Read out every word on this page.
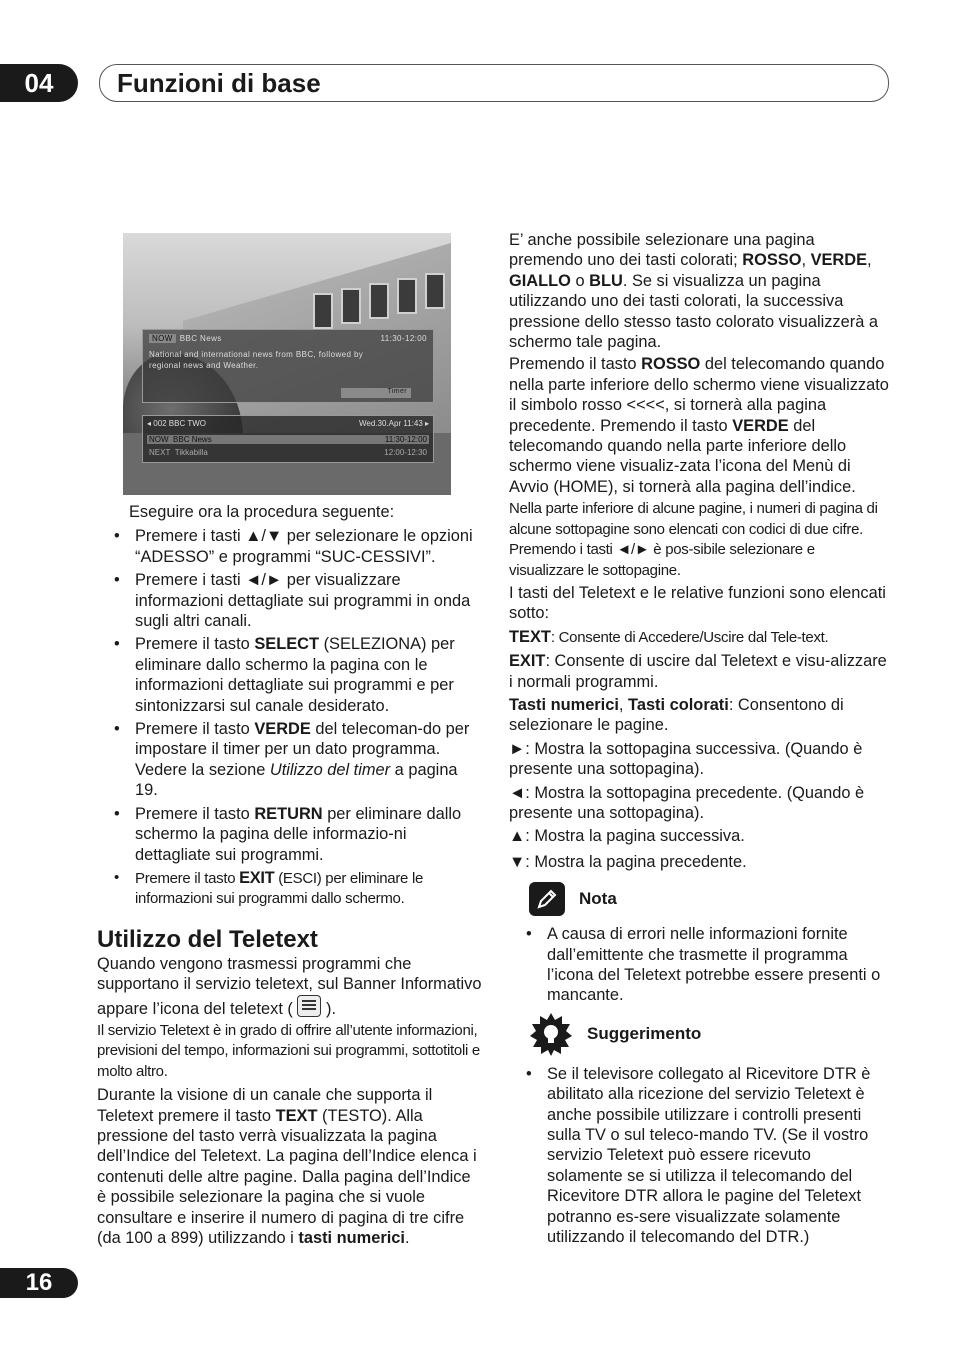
04 Funzioni di base
NOW BBC News	11:30-12:00
National and international news from BBC, followed by regional news and Weather.
Timer
◂ 002 BBC TWO	Wed.30.Apr 11:43 ▸
NOW BBC News	11:30-12:00
NEXT Tikkabilla	12:00-12:30

Eseguire ora la procedura seguente:

• Premere i tasti ▲/▼ per selezionare le opzioni “ADESSO” e programmi “SUC-CESSIVI”.
• Premere i tasti ◄/► per visualizzare informazioni dettagliate sui programmi in onda sugli altri canali.
• Premere il tasto SELECT (SELEZIONA) per eliminare dallo schermo la pagina con le informazioni dettagliate sui programmi e per sintonizzarsi sul canale desiderato.
• Premere il tasto VERDE del telecoman-do per impostare il timer per un dato programma. Vedere la sezione Utilizzo del timer a pagina 19.
• Premere il tasto RETURN per eliminare dallo schermo la pagina delle informazio-ni dettagliate sui programmi.
• Premere il tasto EXIT (ESCI) per eliminare le informazioni sui programmi dallo schermo.
Utilizzo del Teletext

Quando vengono trasmessi programmi che supportano il servizio teletext, sul Banner Informativo appare l’icona del teletext ( ).

Il servizio Teletext è in grado di offrire all’utente informazioni, previsioni del tempo, informazioni sui programmi, sottotitoli e molto altro.

Durante la visione di un canale che supporta il Teletext premere il tasto TEXT (TESTO). Alla pressione del tasto verrà visualizzata la pagina dell’Indice del Teletext. La pagina dell’Indice elenca i contenuti delle altre pagine. Dalla pagina dell’Indice è possibile selezionare la pagina che si vuole consultare e inserire il numero di pagina di tre cifre (da 100 a 899) utilizzando i tasti numerici.

E’ anche possibile selezionare una pagina premendo uno dei tasti colorati; ROSSO, VERDE, GIALLO o BLU. Se si visualizza un pagina utilizzando uno dei tasti colorati, la successiva pressione dello stesso tasto colorato visualizzerà a schermo tale pagina.

Premendo il tasto ROSSO del telecomando quando nella parte inferiore dello schermo viene visualizzato il simbolo rosso <<<<, si tornerà alla pagina precedente. Premendo il tasto VERDE del telecomando quando nella parte inferiore dello schermo viene visualiz-zata l’icona del Menù di Avvio (HOME), si tornerà alla pagina dell’indice.

Nella parte inferiore di alcune pagine, i numeri di pagina di alcune sottopagine sono elencati con codici di due cifre. Premendo i tasti ◄/► è pos-sibile selezionare e visualizzare le sottopagine.

I tasti del Teletext e le relative funzioni sono elencati sotto:

TEXT: Consente di Accedere/Uscire dal Tele-text.

EXIT: Consente di uscire dal Teletext e visu-alizzare i normali programmi.

Tasti numerici, Tasti colorati: Consentono di selezionare le pagine.

►: Mostra la sottopagina successiva. (Quando è presente una sottopagina).

◄: Mostra la sottopagina precedente. (Quando è presente una sottopagina).

▲: Mostra la pagina successiva.

▼: Mostra la pagina precedente.

Nota
• A causa di errori nelle informazioni fornite dall’emittente che trasmette il programma l’icona del Teletext potrebbe essere presenti o mancante.
Suggerimento
• Se il televisore collegato al Ricevitore DTR è abilitato alla ricezione del servizio Teletext è anche possibile utilizzare i controlli presenti sulla TV o sul teleco-mando TV. (Se il vostro servizio Teletext può essere ricevuto solamente se si utilizza il telecomando del Ricevitore DTR allora le pagine del Teletext potranno es-sere visualizzate solamente utilizzando il telecomando del DTR.)
16
